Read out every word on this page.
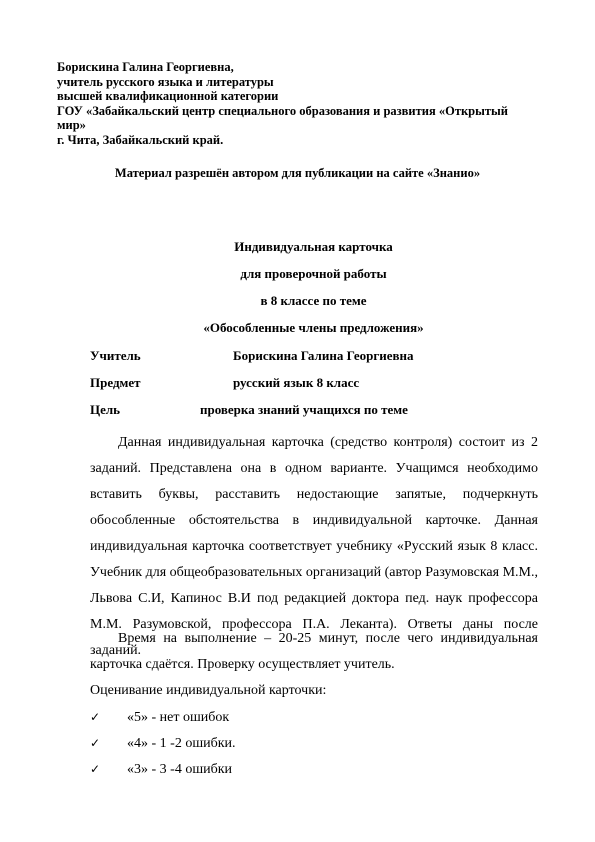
Борискина Галина Георгиевна,
учитель русского языка и литературы
высшей квалификационной категории
ГОУ «Забайкальский центр специального образования и развития «Открытый мир»
г. Чита, Забайкальский край.
Материал разрешён автором для публикации на сайте «Знанио»
Индивидуальная карточка
для проверочной работы
в 8 классе по теме
«Обособленные члены предложения»
Учитель	Борискина Галина Георгиевна
Предмет	русский язык 8 класс
Цель	проверка знаний учащихся по теме

Данная индивидуальная карточка (средство контроля) состоит из 2 заданий. Представлена она в одном варианте. Учащимся необходимо вставить буквы, расставить недостающие запятые, подчеркнуть обособленные обстоятельства в индивидуальной карточке. Данная индивидуальная карточка соответствует учебнику «Русский язык 8 класс. Учебник для общеобразовательных организаций (автор Разумовская М.М., Львова С.И, Капинос В.И под редакцией доктора пед. наук профессора М.М. Разумовской, профессора П.А. Леканта). Ответы даны после заданий.

Время на выполнение – 20-25 минут, после чего индивидуальная карточка сдаётся. Проверку осуществляет учитель.

Оценивание индивидуальной карточки:

✓ «5» - нет ошибок
✓ «4» - 1 -2 ошибки.
✓ «3» - 3 -4 ошибки
